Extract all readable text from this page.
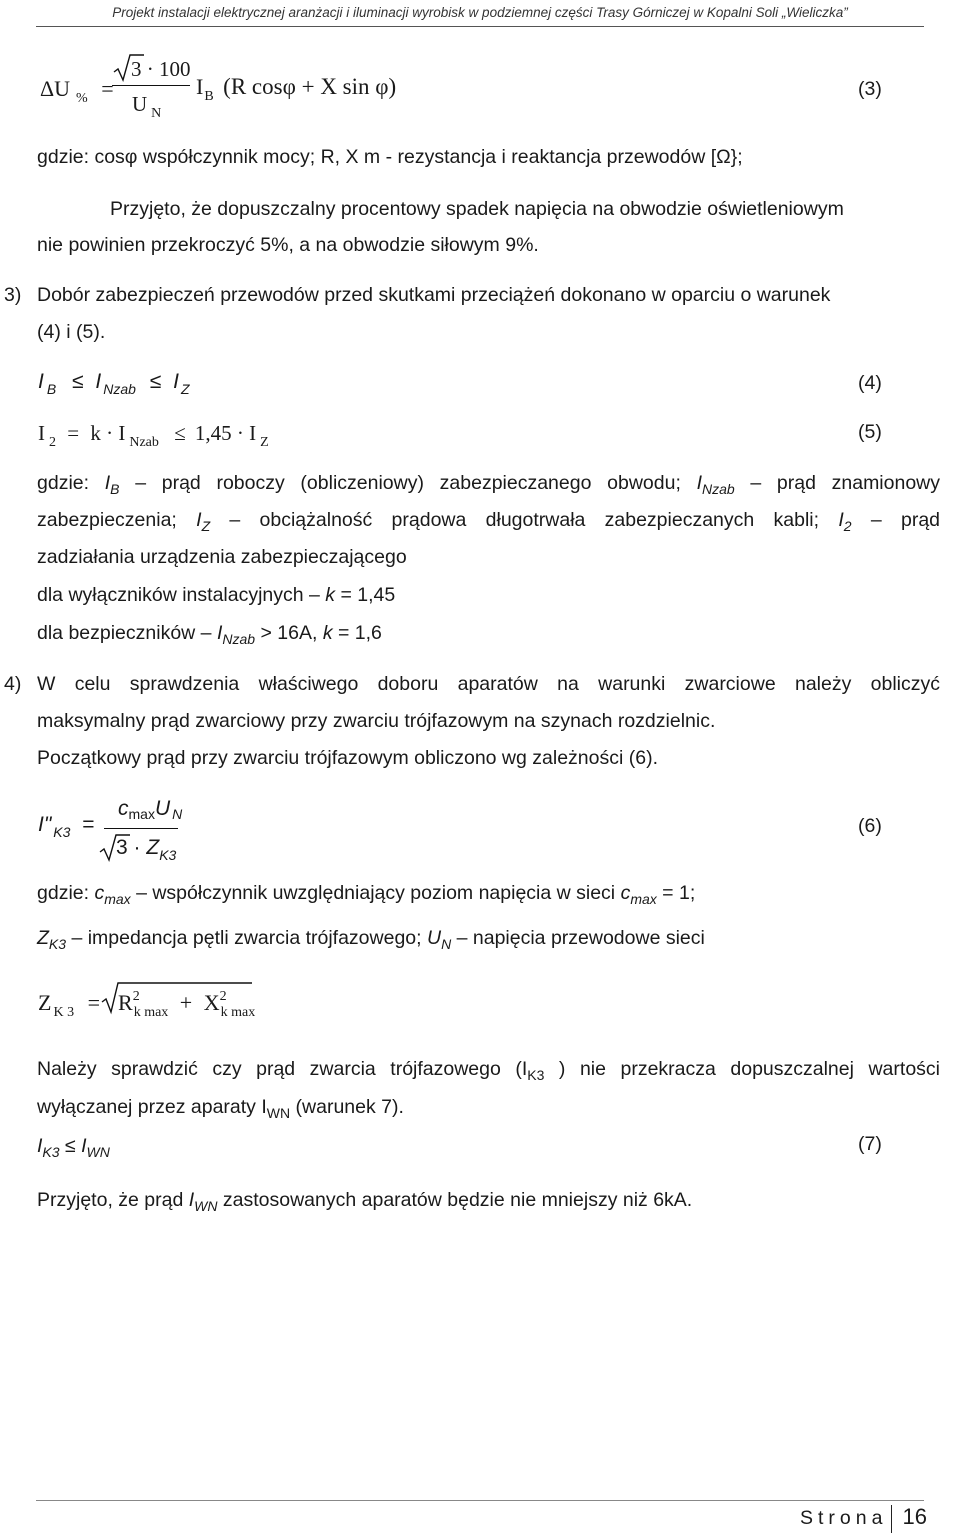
Projekt instalacji elektrycznej aranżacji i iluminacji wyrobisk w podziemnej części Trasy Górniczej w Kopalni Soli „Wieliczka”
ΔU $_{\%}$ =
3 · 100
U $_N$
$I_B$ (R cosφ + X sin φ)	(3)
gdzie: cosφ współczynnik mocy; R, X m - rezystancja i reaktancja przewodów [Ω};
Przyjęto, że dopuszczalny procentowy spadek napięcia na obwodzie oświetleniowym
nie powinien przekroczyć 5%, a na obwodzie siłowym 9%.
3) Dobór zabezpieczeń przewodów przed skutkami przeciążeń dokonano w oparciu o warunek
(4) i (5).
I $_B$ ≤ I $_{Nzab}$ ≤ I $_Z$	(4)
I $_2$ = k · I $_{Nzab}$ ≤ 1,45 · I $_Z$	(5)
gdzie: $I_B$ – prąd roboczy (obliczeniowy) zabezpieczanego obwodu; $I_{Nzab}$ – prąd znamionowy
zabezpieczenia; $I_Z$ – obciążalność prądowa długotrwała zabezpieczanych kabli; $I_2$ – prąd
zadziałania urządzenia zabezpieczającego
dla wyłączników instalacyjnych – k = 1,45
dla bezpieczników – $I_{Nzab} > 16A$, k = 1,6
4) W celu sprawdzenia właściwego doboru aparatów na warunki zwarciowe należy obliczyć
maksymalny prąd zwarciowy przy zwarciu trójfazowym na szynach rozdzielnic.
Początkowy prąd przy zwarciu trójfazowym obliczono wg zależności (6).
I" $_{K3}$ =
cmaxU N
$3 \cdot Z_{K3}$
(6)
gdzie: $c_{max}$ – współczynnik uwzględniający poziom napięcia w sieci $c_{max} = 1$;
$Z_{K3}$ – impedancja pętli zwarcia trójfazowego; $U_N$ – napięcia przewodowe sieci
Z $_{K 3} = R^2_{k max} + X^2_{k max}$
Należy sprawdzić czy prąd zwarcia trójfazowego ($I_{K3}$ ) nie przekracza dopuszczalnej wartości
wyłączanej przez aparaty $I_{WN}$ (warunek 7).
$I_{K3} \le I_{WN}$	(7)
Przyjęto, że prąd $I_{WN}$ zastosowanych aparatów będzie nie mniejszy niż 6kA.
Strona 16
